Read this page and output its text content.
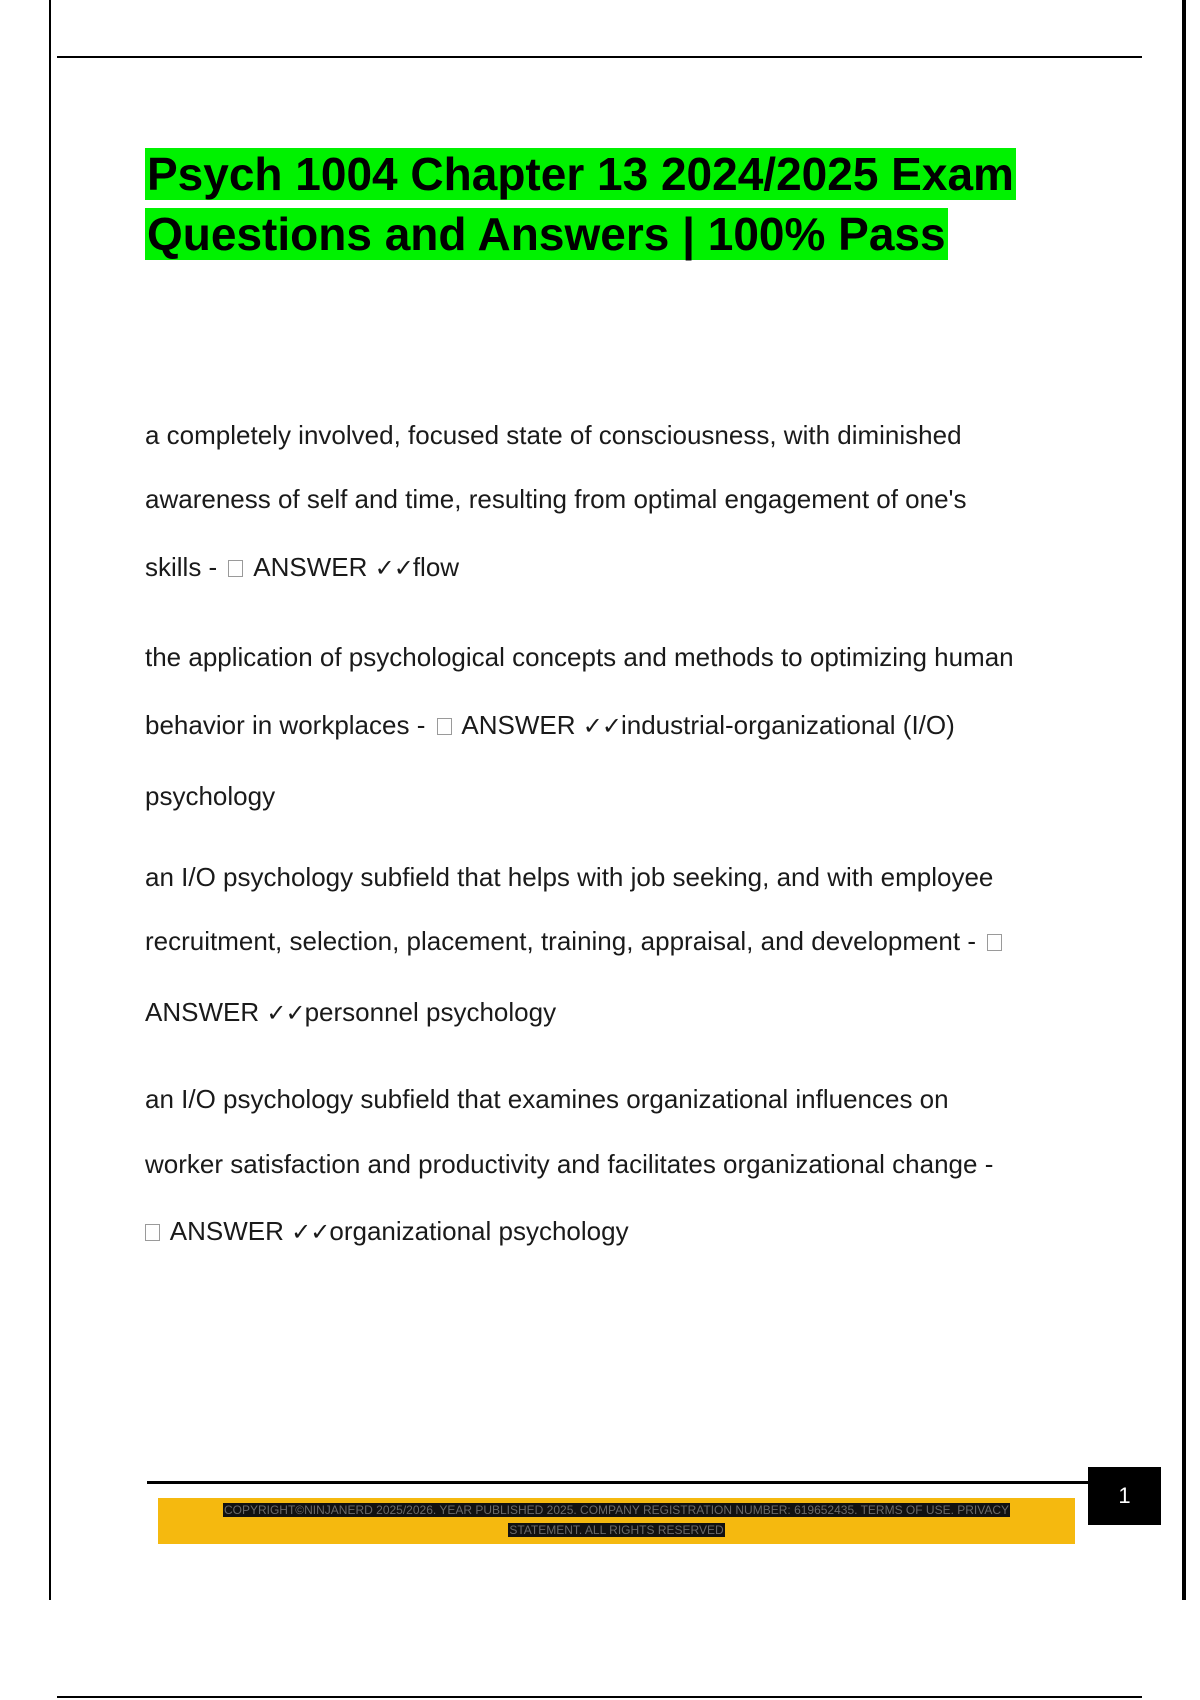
Psych 1004 Chapter 13 2024/2025 Exam
Questions and Answers | 100% Pass
a completely involved, focused state of consciousness, with diminished
awareness of self and time, resulting from optimal engagement of one's
skills - ANSWER ✓✓flow
the application of psychological concepts and methods to optimizing human
behavior in workplaces - ANSWER ✓✓industrial-organizational (I/O)
psychology
an I/O psychology subfield that helps with job seeking, and with employee
recruitment, selection, placement, training, appraisal, and development -
ANSWER ✓✓personnel psychology
an I/O psychology subfield that examines organizational influences on
worker satisfaction and productivity and facilitates organizational change -
ANSWER ✓✓organizational psychology
1
COPYRIGHT©NINJANERD 2025/2026. YEAR PUBLISHED 2025. COMPANY REGISTRATION NUMBER: 619652435. TERMS OF USE. PRIVACY
STATEMENT. ALL RIGHTS RESERVED
